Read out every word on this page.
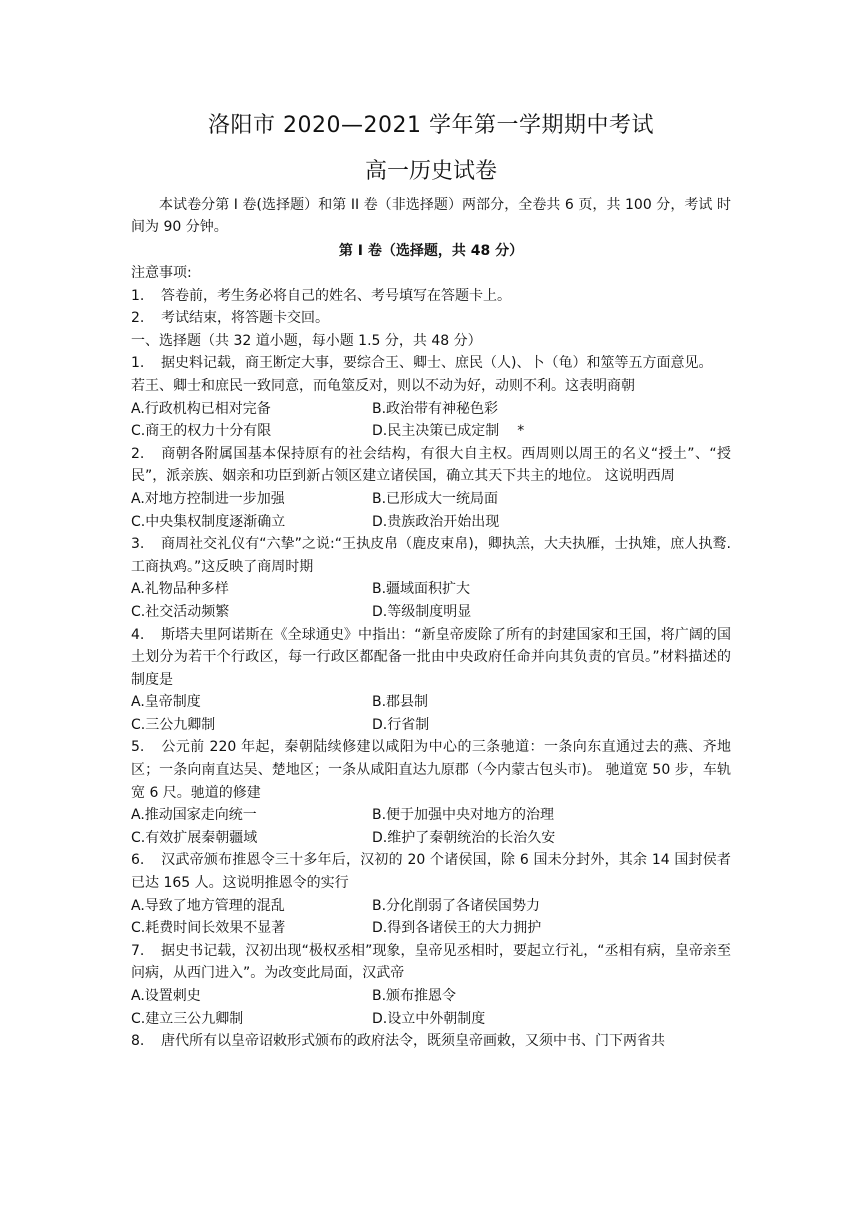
洛阳市 2020—2021 学年第一学期期中考试
高一历史试卷

本试卷分第 I 卷(选择题）和第 II 卷（非选择题）两部分，全卷共 6 页，共 100 分，考试 时间为 90 分钟。

第 I 卷（选择题，共 48 分）
注意事项:
1. 答卷前，考生务必将自己的姓名、考号填写在答题卡上。
2. 考试结束，将答题卡交回。
一、选择题（共 32 道小题，每小题 1.5 分，共 48 分）
1. 据史料记载，商王断定大事，要综合王、卿士、庶民（人)、卜（龟）和筮等五方面意见。
若王、卿士和庶民一致同意，而龟筮反对，则以不动为好，动则不利。这表明商朝
A.行政机构已相对完备	B.政治带有神秘色彩
C.商王的权力十分有限	D.民主决策已成定制 *
2. 商朝各附属国基本保持原有的社会结构，有很大自主权。西周则以周王的名义“授土”、“授民”，派亲族、姻亲和功臣到新占领区建立诸侯国，确立其天下共主的地位。 这说明西周
A.对地方控制进一步加强	B.已形成大一统局面
C.中央集权制度逐渐确立	D.贵族政治开始出现
3. 商周社交礼仪有“六挚”之说:“王执皮帛（鹿皮束帛)，卿执羔，大夫执雁，士执雉，庶人执鹜.工商执鸡。”这反映了商周时期
A.礼物品种多样	B.疆域面积扩大
C.社交活动频繁	D.等级制度明显
4. 斯塔夫里阿诺斯在《全球通史》中指出：“新皇帝废除了所有的封建国家和王国，将广阔的国土划分为若干个行政区，每一行政区都配备一批由中央政府任命并向其负责的官员。”材料描述的制度是
A.皇帝制度	B.郡县制
C.三公九卿制	D.行省制
5. 公元前 220 年起，秦朝陆续修建以咸阳为中心的三条驰道：一条向东直通过去的燕、齐地区；一条向南直达吴、楚地区；一条从咸阳直达九原郡（今内蒙古包头市)。 驰道宽 50 步，车轨宽 6 尺。驰道的修建
A.推动国家走向统一	B.便于加强中央对地方的治理
C.有效扩展秦朝疆域	D.维护了秦朝统治的长治久安
6. 汉武帝颁布推恩令三十多年后，汉初的 20 个诸侯国，除 6 国未分封外，其余 14 国封侯者已达 165 人。这说明推恩令的实行
A.导致了地方管理的混乱	B.分化削弱了各诸侯国势力
C.耗费时间长效果不显著	D.得到各诸侯王的大力拥护
7. 据史书记载，汉初出现“极权丞相”现象，皇帝见丞相时，要起立行礼，“丞相有病，皇帝亲至问病，从西门进入”。为改变此局面，汉武帝
A.设置刺史	B.颁布推恩令
C.建立三公九卿制	D.设立中外朝制度
8. 唐代所有以皇帝诏敕形式颁布的政府法令，既须皇帝画敕，又须中书、门下两省共
